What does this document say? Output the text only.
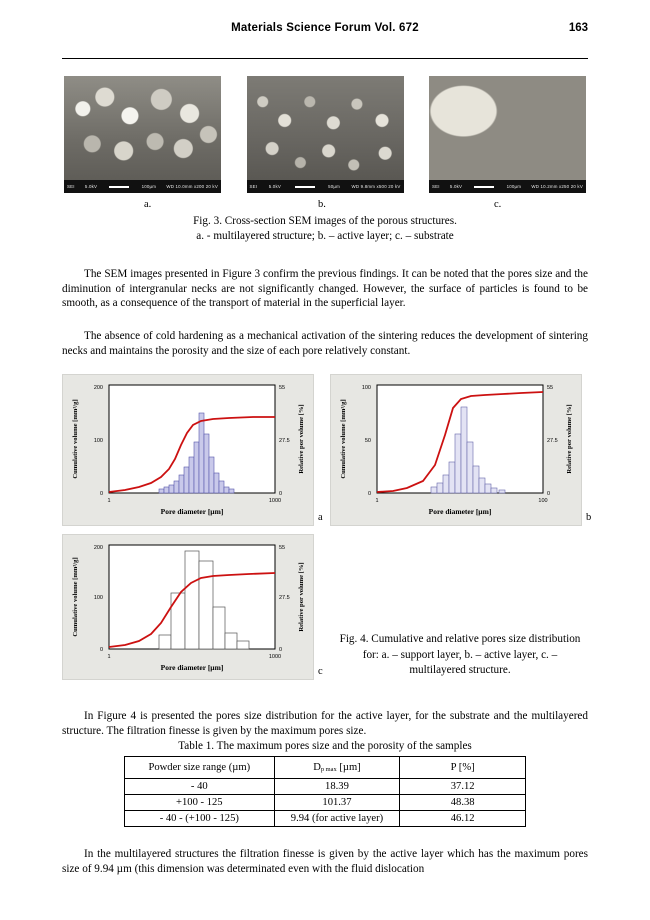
Materials Science Forum Vol. 672	163
SEI 5.0kV	100µm WD 10.0mm x200 20 kV	SEI	5.0kV	50µm	WD 9.8mm x500 20 kV	SEI 5.0kV	100µm WD 10.2mm x250 20 kV
a.	b.	c.
Fig. 3. Cross-section SEM images of the porous structures.
a. - multilayered structure; b. – active layer; c. – substrate

The SEM images presented in Figure 3 confirm the previous findings. It can be noted that the pores size and the diminution of intergranular necks are not significantly changed. However, the surface of particles is found to be smooth, as a consequence of the transport of material in the superficial layer.

The absence of cold hardening as a mechanical activation of the sintering reduces the development of sintering necks and maintains the porosity and the size of each pore relatively constant.

200
100
0
55
27.5
0
1	1000
Pore diameter [µm]
Cumulative volume [mm³/g]	Relative por volume [%]
a
100
50
0
55
27.5
0
1	100
Pore diameter [µm]
Cumulative volume [mm³/g]	Relative por volume [%]
b
200
100
0
55
27.5
0
1	1000
Pore diameter [µm]
Cumulative volume [mm³/g]	Relative por volume [%]
c
Fig. 4. Cumulative and relative pores size distribution for: a. – support layer, b. – active layer, c. – multilayered structure.

In Figure 4 is presented the pores size distribution for the active layer, for the substrate and the multilayered structure. The filtration finesse is given by the maximum pores size.

Table 1. The maximum pores size and the porosity of the samples
Powder size range (µm)	Dp max [µm]	P [%]
- 40	18.39	37.12
+100 - 125	101.37	48.38
- 40 - (+100 - 125)	9.94 (for active layer)	46.12

In the multilayered structures the filtration finesse is given by the active layer which has the maximum pores size of 9.94 µm (this dimension was determinated even with the fluid dislocation
